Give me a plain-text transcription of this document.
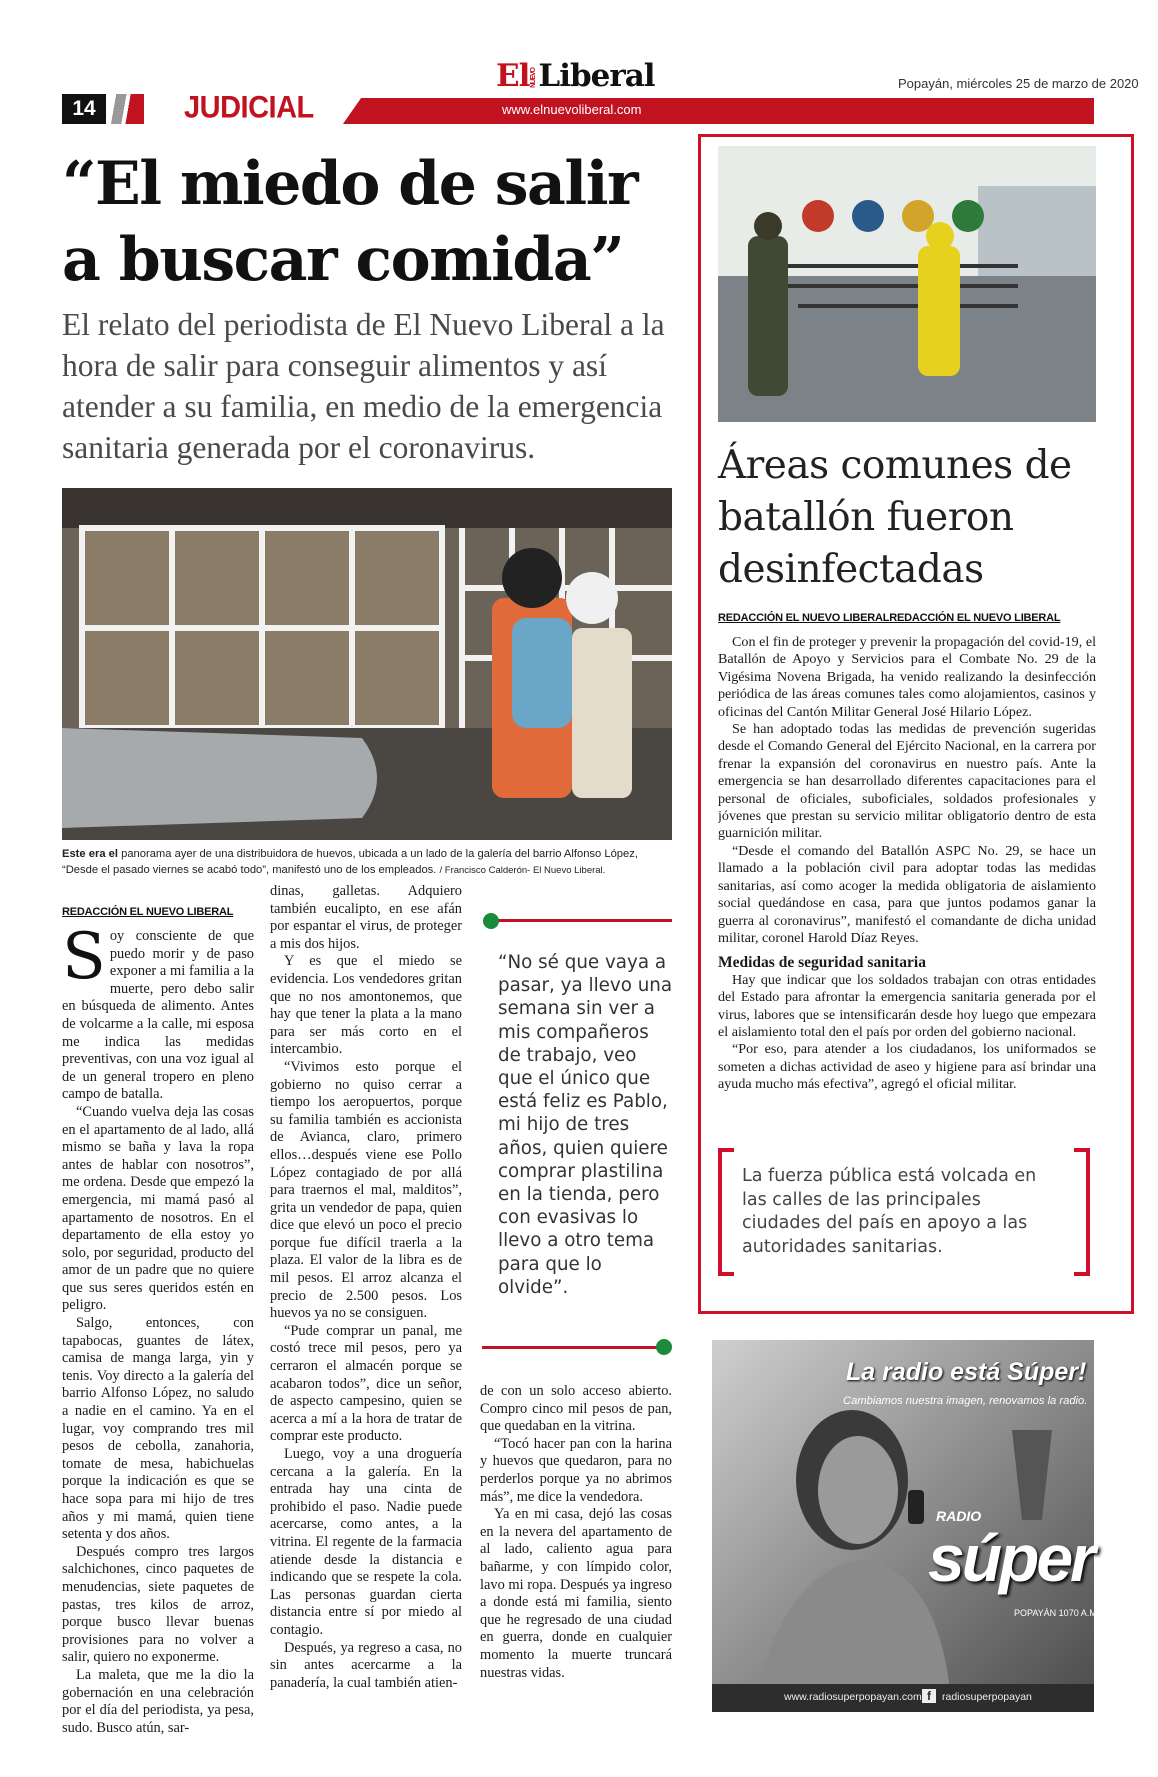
14	JUDICIAL
ElNUEVOLiberal
www.elnuevoliberal.com
Popayán, miércoles 25 de marzo de 2020
“El miedo de salir
a buscar comida”
El relato del periodista de El Nuevo Liberal a la hora de salir para conseguir alimentos y así atender a su familia, en medio de la emergencia sanitaria generada por el coronavirus.
Este era el panorama ayer de una distribuidora de huevos, ubicada a un lado de la galería del barrio Alfonso López, “Desde el pasado viernes se acabó todo”, manifestó uno de los empleados. / Francisco Calderón- El Nuevo Liberal.
REDACCIÓN EL NUEVO LIBERAL

Soy consciente de que puedo morir y de paso exponer a mi familia a la muerte, pero debo salir en búsqueda de alimento. Antes de volcarme a la calle, mi esposa me indica las medidas preventivas, con una voz igual al de un general tropero en pleno campo de batalla.

“Cuando vuelva deja las cosas en el apartamento de al lado, allá mismo se baña y lava la ropa antes de hablar con nosotros”, me ordena. Desde que empezó la emergencia, mi mamá pasó al apartamento de nosotros. En el departamento de ella estoy yo solo, por seguridad, producto del amor de un padre que no quiere que sus seres queridos estén en peligro.

Salgo, entonces, con tapabocas, guantes de látex, camisa de manga larga, yin y tenis. Voy directo a la galería del barrio Alfonso López, no saludo a nadie en el camino. Ya en el lugar, voy comprando tres mil pesos de cebolla, zanahoria, tomate de mesa, habichuelas porque la indicación es que se hace sopa para mi hijo de tres años y mi mamá, quien tiene setenta y dos años.

Después compro tres largos salchichones, cinco paquetes de menudencias, siete paquetes de pastas, tres kilos de arroz, porque busco llevar buenas provisiones para no volver a salir, quiero no exponerme.

La maleta, que me la dio la gobernación en una celebración por el día del periodista, ya pesa, sudo. Busco atún, sar-

dinas, galletas. Adquiero también eucalipto, en ese afán por espantar el virus, de proteger a mis dos hijos.

Y es que el miedo se evidencia. Los vendedores gritan que no nos amontonemos, que hay que tener la plata a la mano para ser más corto en el intercambio.

“Vivimos esto porque el gobierno no quiso cerrar a tiempo los aeropuertos, porque su familia también es accionista de Avianca, claro, primero ellos…después viene ese Pollo López contagiado de por allá para traernos el mal, malditos”, grita un vendedor de papa, quien dice que elevó un poco el precio porque fue difícil traerla a la plaza. El valor de la libra es de mil pesos. El arroz alcanza el precio de 2.500 pesos. Los huevos ya no se consiguen.

“Pude comprar un panal, me costó trece mil pesos, pero ya cerraron el almacén porque se acabaron todos”, dice un señor, de aspecto campesino, quien se acerca a mí a la hora de tratar de comprar este producto.

Luego, voy a una droguería cercana a la galería. En la entrada hay una cinta de prohibido el paso. Nadie puede acercarse, como antes, a la vitrina. El regente de la farmacia atiende desde la distancia e indicando que se respete la cola. Las personas guardan cierta distancia entre sí por miedo al contagio.

Después, ya regreso a casa, no sin antes acercarme a la panadería, la cual también atien-

“No sé que vaya a pasar, ya llevo una semana sin ver a mis compañeros de trabajo, veo que el único que está feliz es Pablo, mi hijo de tres años, quien quiere comprar plastilina en la tienda, pero con evasivas lo llevo a otro tema para que lo olvide”.

de con un solo acceso abierto. Compro cinco mil pesos de pan, que quedaban en la vitrina.

“Tocó hacer pan con la harina y huevos que quedaron, para no perderlos porque ya no abrimos más”, me dice la vendedora.

Ya en mi casa, dejó las cosas en la nevera del apartamento de al lado, caliento agua para bañarme, y con límpido color, lavo mi ropa. Después ya ingreso a donde está mi familia, siento que he regresado de una ciudad en guerra, donde en cualquier momento la muerte truncará nuestras vidas.

Áreas comunes de batallón fueron desinfectadas
REDACCIÓN EL NUEVO LIBERALREDACCIÓN EL NUEVO LIBERAL

Con el fin de proteger y prevenir la propagación del covid-19, el Batallón de Apoyo y Servicios para el Combate No. 29 de la Vigésima Novena Brigada, ha venido realizando la desinfección periódica de las áreas comunes tales como alojamientos, casinos y oficinas del Cantón Militar General José Hilario López.

Se han adoptado todas las medidas de prevención sugeridas desde el Comando General del Ejército Nacional, en la carrera por frenar la expansión del coronavirus en nuestro país. Ante la emergencia se han desarrollado diferentes capacitaciones para el personal de oficiales, suboficiales, soldados profesionales y jóvenes que prestan su servicio militar obligatorio dentro de esta guarnición militar.

“Desde el comando del Batallón ASPC No. 29, se hace un llamado a la población civil para adoptar todas las medidas sanitarias, así como acoger la medida obligatoria de aislamiento social quedándose en casa, para que juntos podamos ganar la guerra al coronavirus”, manifestó el comandante de dicha unidad militar, coronel Harold Díaz Reyes.

Medidas de seguridad sanitaria

Hay que indicar que los soldados trabajan con otras entidades del Estado para afrontar la emergencia sanitaria generada por el virus, labores que se intensificarán desde hoy luego que empezara el aislamiento total den el país por orden del gobierno nacional.

“Por eso, para atender a los ciudadanos, los uniformados se someten a dichas actividad de aseo y higiene para así brindar una ayuda mucho más efectiva”, agregó el oficial militar.

La fuerza pública está volcada en las calles de las principales ciudades del país en apoyo a las autoridades sanitarias.
La radio está Súper!
Cambiamos nuestra imagen, renovamos la radio.
RADIO
súper
POPAYÁN 1070 A.M.
www.radiosuperpopayan.com f	radiosuperpopayan
